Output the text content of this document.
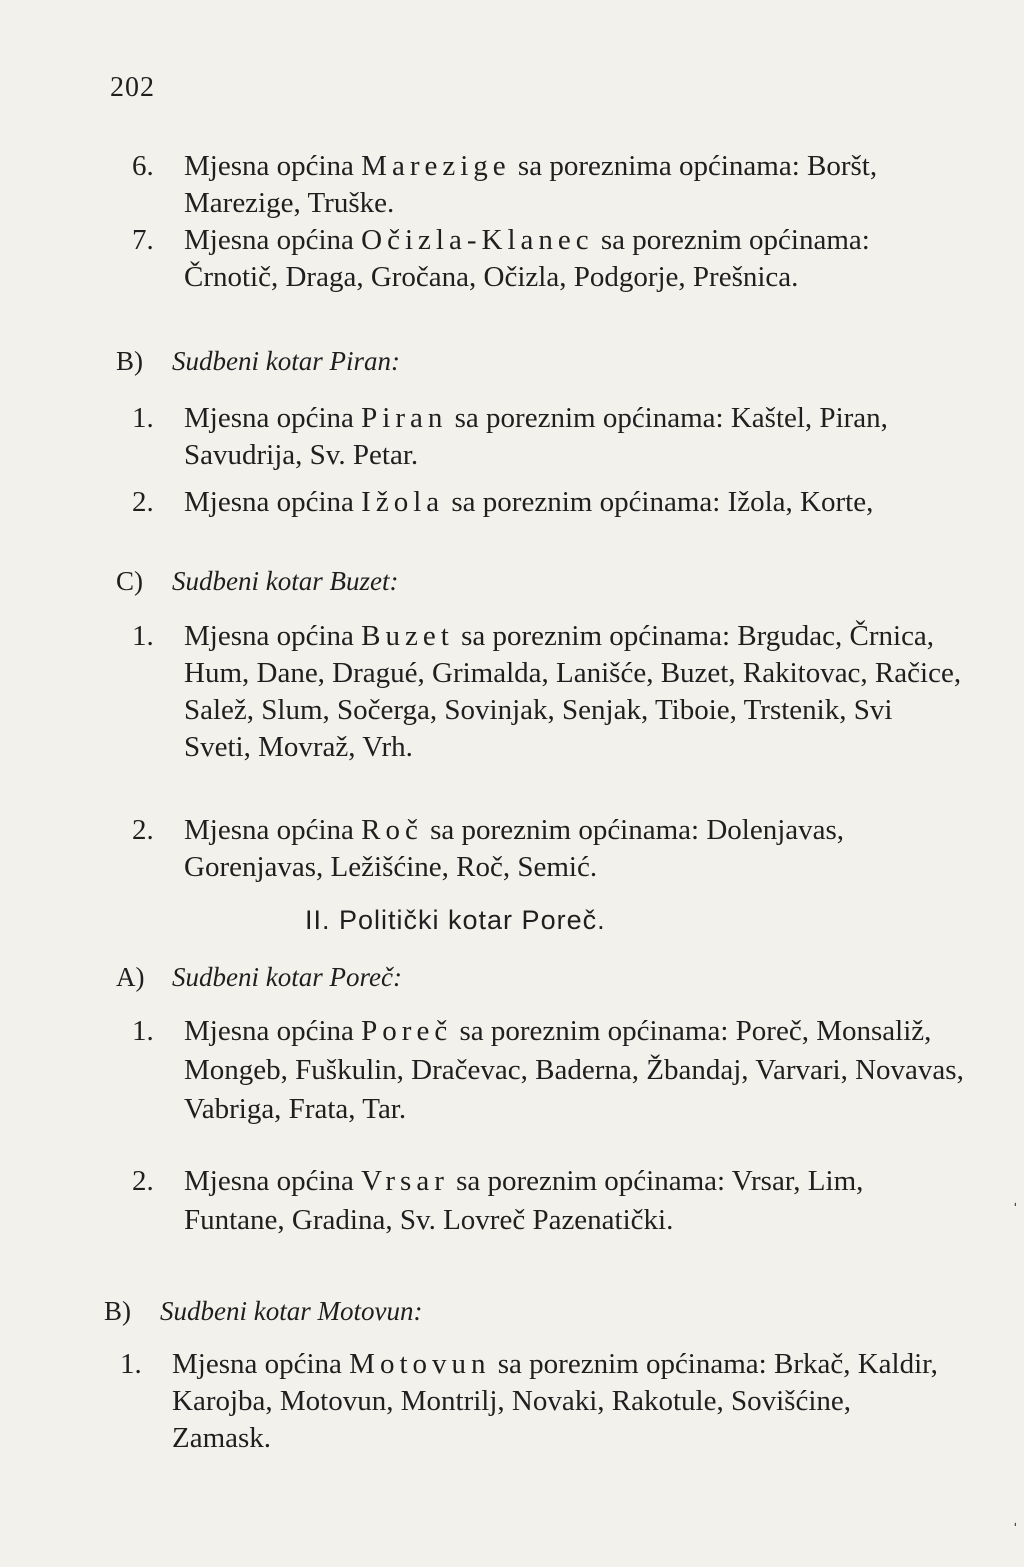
202
6. Mjesna općina Marezige sa poreznima općinama: Boršt, Marezige, Truške.
7. Mjesna općina Očizla-Klanec sa poreznim općinama: Črnotič, Draga, Gročana, Očizla, Podgorje, Prešnica.
B) Sudbeni kotar Piran:
1. Mjesna općina Piran sa poreznim općinama: Kaštel, Piran, Savudrija, Sv. Petar.
2. Mjesna općina Ižola sa poreznim općinama: Ižola, Korte,
C) Sudbeni kotar Buzet:
1. Mjesna općina Buzet sa poreznim općinama: Brgudac, Črnica, Hum, Dane, Dragué, Grimalda, Lanišće, Buzet, Rakitovac, Račice, Salež, Slum, Sočerga, Sovinjak, Senjak, Tiboie, Trstenik, Svi Sveti, Movraž, Vrh.
2. Mjesna općina Roč sa poreznim općinama: Dolenjavas, Gorenjavas, Ležišćine, Roč, Semić.
II. Politički kotar Poreč.
A) Sudbeni kotar Poreč:
1. Mjesna općina Poreč sa poreznim općinama: Poreč, Monsaliž, Mongeb, Fuškulin, Dračevac, Baderna, Žbandaj, Varvari, Novavas, Vabriga, Frata, Tar.
2. Mjesna općina Vrsar sa poreznim općinama: Vrsar, Lim, Funtane, Gradina, Sv. Lovreč Pazenatički.
B) Sudbeni kotar Motovun:
1. Mjesna općina Motovun sa poreznim općinama: Brkač, Kaldir, Karojba, Motovun, Montrilj, Novaki, Rakotule, Sovišćine, Zamask.
ˈ
ˈ
